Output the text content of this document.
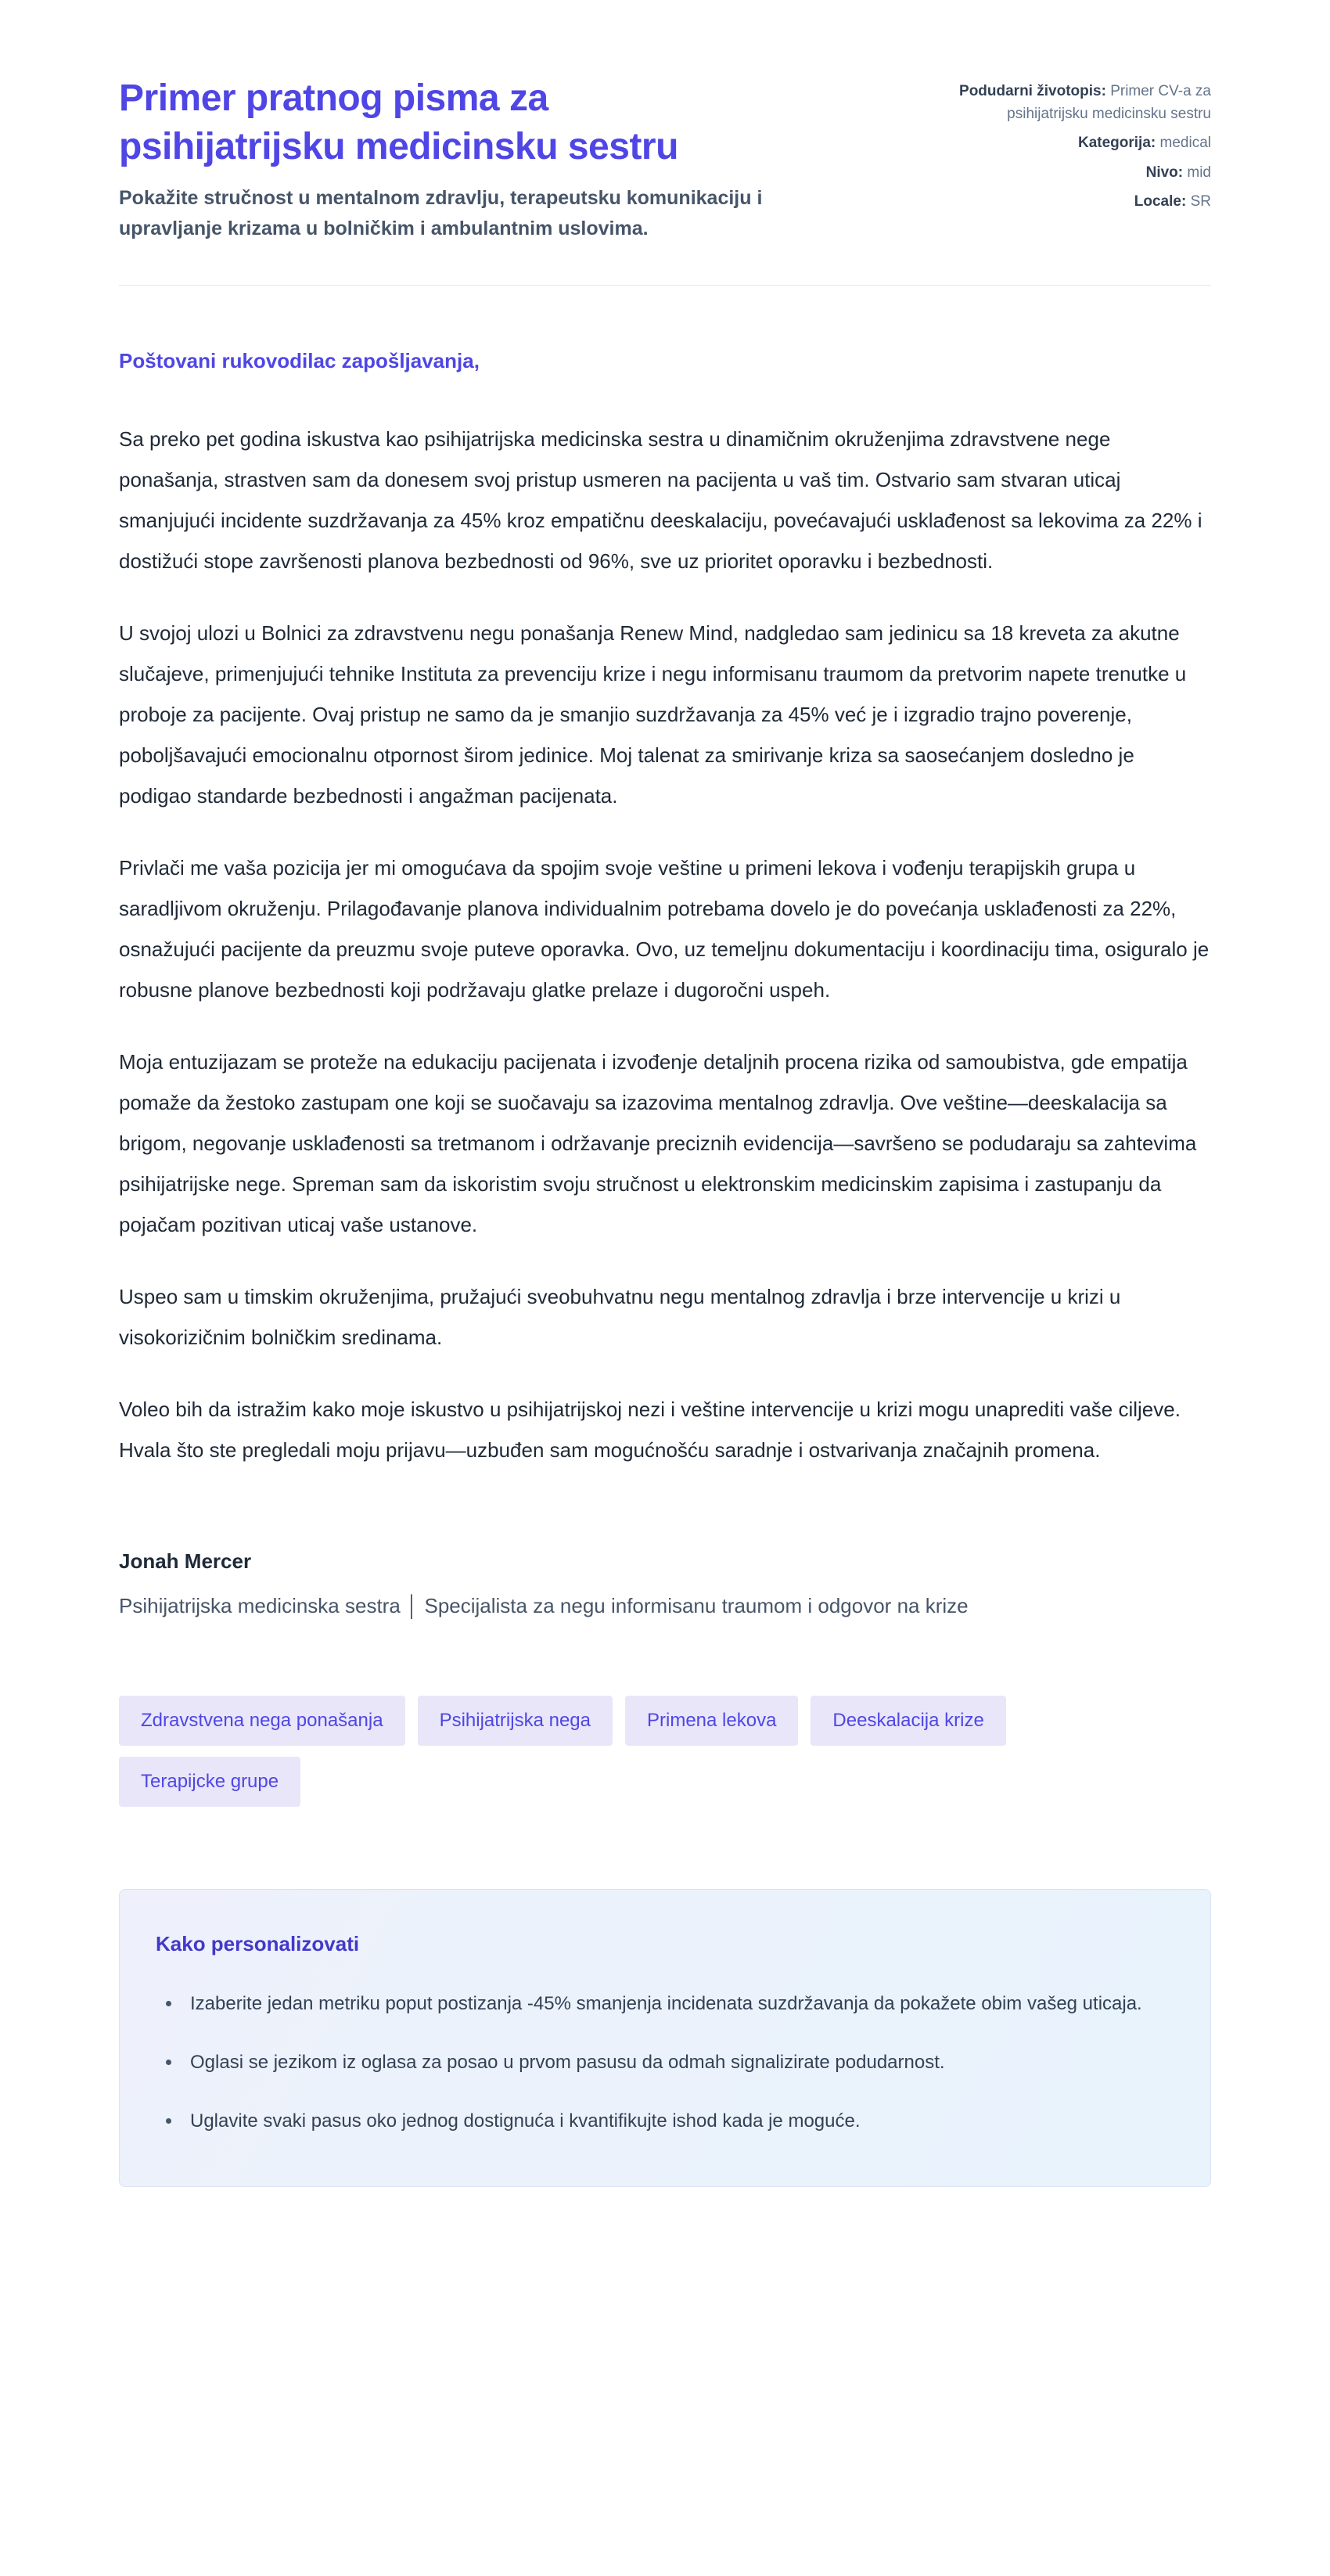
Primer pratnog pisma za psihijatrijsku medicinsku sestru

Pokažite stručnost u mentalnom zdravlju, terapeutsku komunikaciju i upravljanje krizama u bolničkim i ambulantnim uslovima.

Podudarni životopis: Primer CV-a za psihijatrijsku medicinsku sestru
Kategorija: medical
Nivo: mid
Locale: SR

Poštovani rukovodilac zapošljavanja,

Sa preko pet godina iskustva kao psihijatrijska medicinska sestra u dinamičnim okruženjima zdravstvene nege ponašanja, strastven sam da donesem svoj pristup usmeren na pacijenta u vaš tim. Ostvario sam stvaran uticaj smanjujući incidente suzdržavanja za 45% kroz empatičnu deeskalaciju, povećavajući usklađenost sa lekovima za 22% i dostižući stope završenosti planova bezbednosti od 96%, sve uz prioritet oporavku i bezbednosti.

U svojoj ulozi u Bolnici za zdravstvenu negu ponašanja Renew Mind, nadgledao sam jedinicu sa 18 kreveta za akutne slučajeve, primenjujući tehnike Instituta za prevenciju krize i negu informisanu traumom da pretvorim napete trenutke u proboje za pacijente. Ovaj pristup ne samo da je smanjio suzdržavanja za 45% već je i izgradio trajno poverenje, poboljšavajući emocionalnu otpornost širom jedinice. Moj talenat za smirivanje kriza sa saosećanjem dosledno je podigao standarde bezbednosti i angažman pacijenata.

Privlači me vaša pozicija jer mi omogućava da spojim svoje veštine u primeni lekova i vođenju terapijskih grupa u saradljivom okruženju. Prilagođavanje planova individualnim potrebama dovelo je do povećanja usklađenosti za 22%, osnažujući pacijente da preuzmu svoje puteve oporavka. Ovo, uz temeljnu dokumentaciju i koordinaciju tima, osiguralo je robusne planove bezbednosti koji podržavaju glatke prelaze i dugoročni uspeh.

Moja entuzijazam se proteže na edukaciju pacijenata i izvođenje detaljnih procena rizika od samoubistva, gde empatija pomaže da žestoko zastupam one koji se suočavaju sa izazovima mentalnog zdravlja. Ove veštine—deeskalacija sa brigom, negovanje usklađenosti sa tretmanom i održavanje preciznih evidencija—savršeno se podudaraju sa zahtevima psihijatrijske nege. Spreman sam da iskoristim svoju stručnost u elektronskim medicinskim zapisima i zastupanju da pojačam pozitivan uticaj vaše ustanove.

Uspeo sam u timskim okruženjima, pružajući sveobuhvatnu negu mentalnog zdravlja i brze intervencije u krizi u visokorizičnim bolničkim sredinama.

Voleo bih da istražim kako moje iskustvo u psihijatrijskoj nezi i veštine intervencije u krizi mogu unaprediti vaše ciljeve. Hvala što ste pregledali moju prijavu—uzbuđen sam mogućnošću saradnje i ostvarivanja značajnih promena.

Jonah Mercer

Psihijatrijska medicinska sestra │ Specijalista za negu informisanu traumom i odgovor na krize

Zdravstvena nega ponašanja	Psihijatrijska nega	Primena lekova	Deeskalacija krize
Terapijcke grupe
Kako personalizovati
• Izaberite jedan metriku poput postizanja -45% smanjenja incidenata suzdržavanja da pokažete obim vašeg uticaja.
• Oglasi se jezikom iz oglasa za posao u prvom pasusu da odmah signalizirate podudarnost.
• Uglavite svaki pasus oko jednog dostignuća i kvantifikujte ishod kada je moguće.
